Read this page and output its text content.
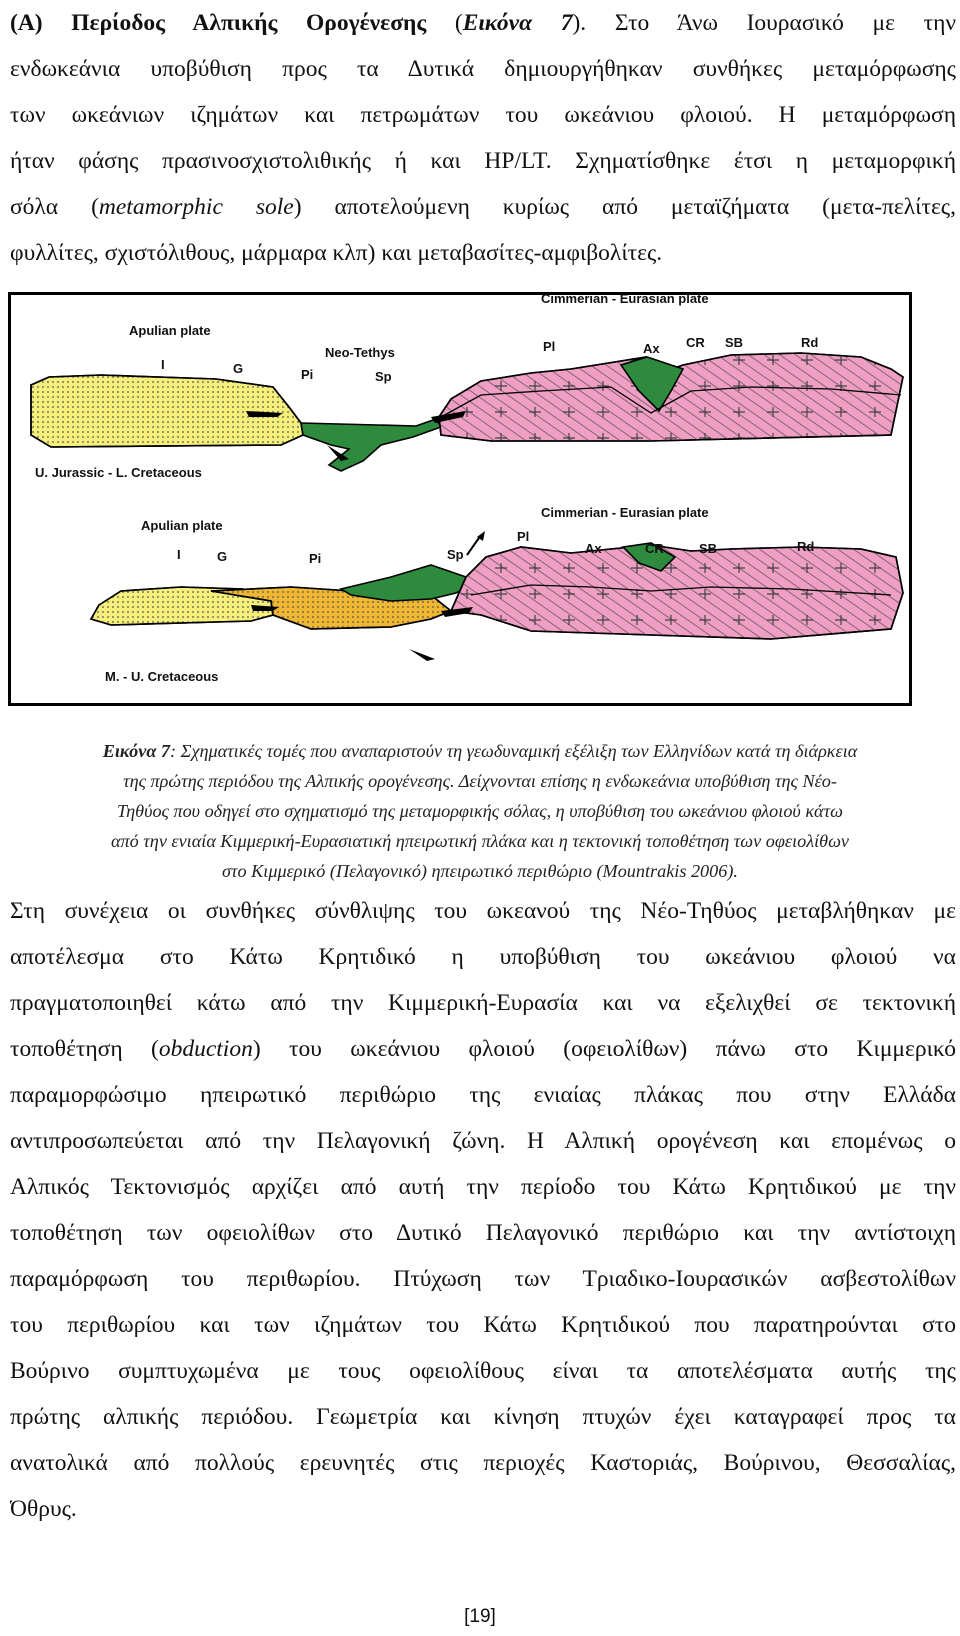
(Α) Περίοδος Αλπικής Ορογένεσης (Εικόνα 7). Στο Άνω Ιουρασικό με την
ενδωκεάνια υποβύθιση προς τα Δυτικά δημιουργήθηκαν συνθήκες μεταμόρφωσης
των ωκεάνιων ιζημάτων και πετρωμάτων του ωκεάνιου φλοιού. Η μεταμόρφωση
ήταν φάσης πρασινοσχιστολιθικής ή και HP/LT. Σχηματίσθηκε έτσι η μεταμορφική
σόλα (metamorphic sole) αποτελούμενη κυρίως από μεταϊζήματα (μετα-πελίτες,
φυλλίτες, σχιστόλιθους, μάρμαρα κλπ) και μεταβασίτες-αμφιβολίτες.
Cimmerian - Eurasian plate
Apulian plate
I	G	Pi
Neo-Tethys
Sp
Pl	Ax CR SB	Rd
U. Jurassic - L. Cretaceous
Cimmerian - Eurasian plate
Apulian plate
I	G	Pi	Sp
Pl
Ax	CR	SB	Rd
M. - U. Cretaceous
Εικόνα 7: Σχηματικές τομές που αναπαριστούν τη γεωδυναμική εξέλιξη των Ελληνίδων κατά τη διάρκεια
της πρώτης περιόδου της Αλπικής ορογένεσης. Δείχνονται επίσης η ενδωκεάνια υποβύθιση της Νέο-
Τηθύος που οδηγεί στο σχηματισμό της μεταμορφικής σόλας, η υποβύθιση του ωκεάνιου φλοιού κάτω
από την ενιαία Κιμμερική-Ευρασιατική ηπειρωτική πλάκα και η τεκτονική τοποθέτηση των οφειολίθων
στο Κιμμερικό (Πελαγονικό) ηπειρωτικό περιθώριο (Mountrakis 2006).
Στη συνέχεια οι συνθήκες σύνθλιψης του ωκεανού της Νέο-Τηθύος μεταβλήθηκαν με
αποτέλεσμα στο Κάτω Κρητιδικό η υποβύθιση του ωκεάνιου φλοιού να
πραγματοποιηθεί κάτω από την Κιμμερική-Ευρασία και να εξελιχθεί σε τεκτονική
τοποθέτηση (obduction) του ωκεάνιου φλοιού (οφειολίθων) πάνω στο Κιμμερικό
παραμορφώσιμο ηπειρωτικό περιθώριο της ενιαίας πλάκας που στην Ελλάδα
αντιπροσωπεύεται από την Πελαγονική ζώνη. Η Αλπική ορογένεση και επομένως ο
Αλπικός Τεκτονισμός αρχίζει από αυτή την περίοδο του Κάτω Κρητιδικού με την
τοποθέτηση των οφειολίθων στο Δυτικό Πελαγονικό περιθώριο και την αντίστοιχη
παραμόρφωση του περιθωρίου. Πτύχωση των Τριαδικο-Ιουρασικών ασβεστολίθων
του περιθωρίου και των ιζημάτων του Κάτω Κρητιδικού που παρατηρούνται στο
Βούρινο συμπτυχωμένα με τους οφειολίθους είναι τα αποτελέσματα αυτής της
πρώτης αλπικής περιόδου. Γεωμετρία και κίνηση πτυχών έχει καταγραφεί προς τα
ανατολικά από πολλούς ερευνητές στις περιοχές Καστοριάς, Βούρινου, Θεσσαλίας,
Όθρυς.
[19]
